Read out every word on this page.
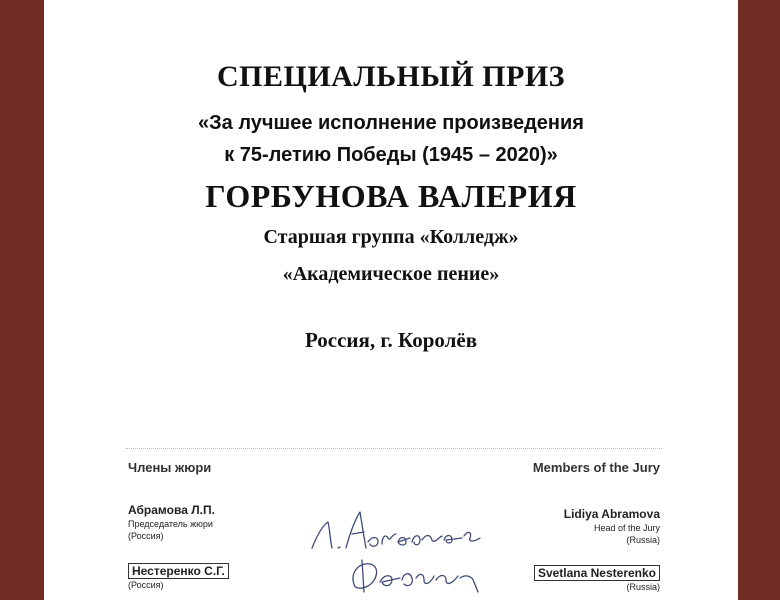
СПЕЦИАЛЬНЫЙ ПРИЗ
«За лучшее исполнение произведения
к 75-летию Победы (1945 – 2020)»
ГОРБУНОВА ВАЛЕРИЯ
Старшая группа «Колледж»
«Академическое пение»
Россия, г. Королёв
Члены жюри	Members of the Jury
Абрамова Л.П.
Председатель жюри
(Россия)
Lidiya Abramova
Head of the Jury
(Russia)
Нестеренко С.Г.
(Россия)
Svetlana Nesterenko
(Russia)
